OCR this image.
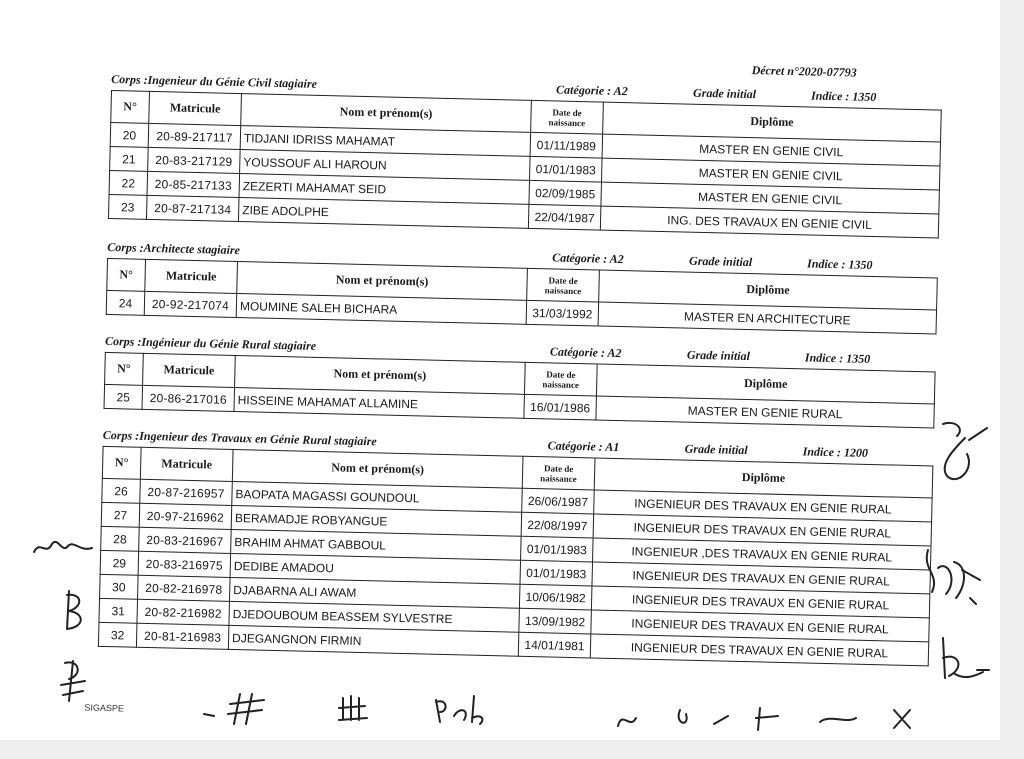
Décret n°2020-07793
Corps :Ingenieur du Génie Civil stagiaire	Catégorie : A2	Grade initial	Indice : 1350
N°	Matricule	Nom et prénom(s)	Date de naissance	Diplôme
20	20-89-217117	TIDJANI IDRISS MAHAMAT	01/11/1989	MASTER EN GENIE CIVIL
21	20-83-217129	YOUSSOUF ALI HAROUN	01/01/1983	MASTER EN GENIE CIVIL
22	20-85-217133	ZEZERTI MAHAMAT SEID	02/09/1985	MASTER EN GENIE CIVIL
23	20-87-217134	ZIBE ADOLPHE	22/04/1987	ING. DES TRAVAUX EN GENIE CIVIL
Corps :Architecte stagiaire
Catégorie : A2	Grade initial	Indice : 1350
N°	Matricule	Nom et prénom(s)	Date de naissance	Diplôme
24	20-92-217074	MOUMINE SALEH BICHARA	31/03/1992	MASTER EN ARCHITECTURE
Corps :Ingénieur du Génie Rural stagiaire	Catégorie : A2	Grade initial	Indice : 1350
N°	Matricule	Nom et prénom(s)	Date de naissance	Diplôme
25	20-86-217016	HISSEINE MAHAMAT ALLAMINE	16/01/1986	MASTER EN GENIE RURAL
Corps :Ingenieur des Travaux en Génie Rural stagiaire	Catégorie : A1	Grade initial	Indice : 1200
N°	Matricule	Nom et prénom(s)	Date de naissance	Diplôme
26	20-87-216957	BAOPATA MAGASSI GOUNDOUL	26/06/1987	INGENIEUR DES TRAVAUX EN GENIE RURAL
27	20-97-216962	BERAMADJE ROBYANGUE	22/08/1997	INGENIEUR DES TRAVAUX EN GENIE RURAL
28	20-83-216967	BRAHIM AHMAT GABBOUL	01/01/1983	INGENIEUR ,DES TRAVAUX EN GENIE RURAL
29	20-83-216975	DEDIBE AMADOU	01/01/1983	INGENIEUR DES TRAVAUX EN GENIE RURAL
30	20-82-216978	DJABARNA ALI AWAM	10/06/1982	INGENIEUR DES TRAVAUX EN GENIE RURAL
31	20-82-216982	DJEDOUBOUM BEASSEM SYLVESTRE	13/09/1982	INGENIEUR DES TRAVAUX EN GENIE RURAL
32	20-81-216983	DJEGANGNON FIRMIN	14/01/1981	INGENIEUR DES TRAVAUX EN GENIE RURAL
SIGASPE
